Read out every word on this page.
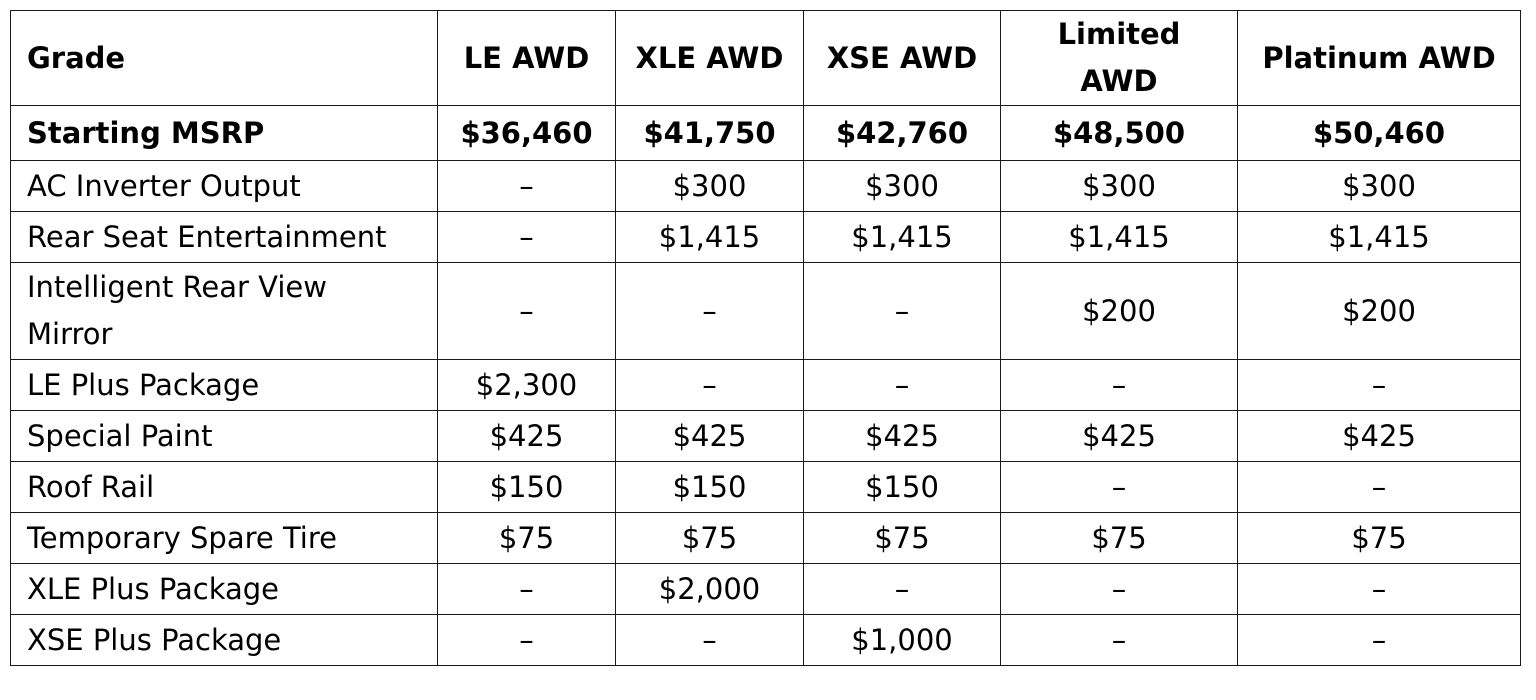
Grade	LE AWD	XLE AWD	XSE AWD	Limited AWD	Platinum AWD
Starting MSRP	$36,460	$41,750	$42,760	$48,500	$50,460
AC Inverter Output	–	$300	$300	$300	$300
Rear Seat Entertainment	–	$1,415	$1,415	$1,415	$1,415
Intelligent Rear View Mirror	–	–	–	$200	$200
LE Plus Package	$2,300	–	–	–	–
Special Paint	$425	$425	$425	$425	$425
Roof Rail	$150	$150	$150	–	–
Temporary Spare Tire	$75	$75	$75	$75	$75
XLE Plus Package	–	$2,000	–	–	–
XSE Plus Package	–	–	$1,000	–	–
